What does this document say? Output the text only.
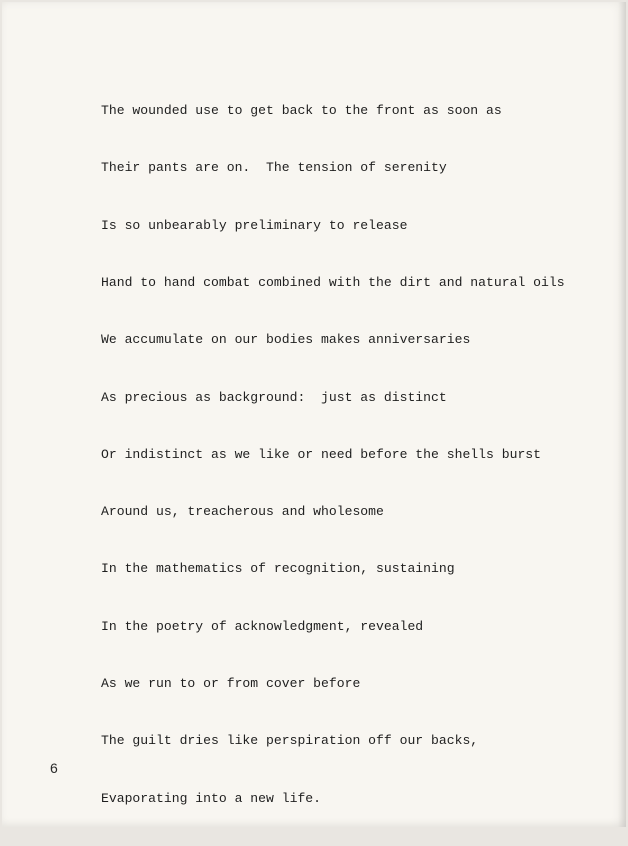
The wounded use to get back to the front as soon as

Their pants are on.  The tension of serenity

Is so unbearably preliminary to release

Hand to hand combat combined with the dirt and natural oils

We accumulate on our bodies makes anniversaries

As precious as background:  just as distinct

Or indistinct as we like or need before the shells burst

Around us, treacherous and wholesome

In the mathematics of recognition, sustaining

In the poetry of acknowledgment, revealed

As we run to or from cover before

The guilt dries like perspiration off our backs,

Evaporating into a new life.

6
